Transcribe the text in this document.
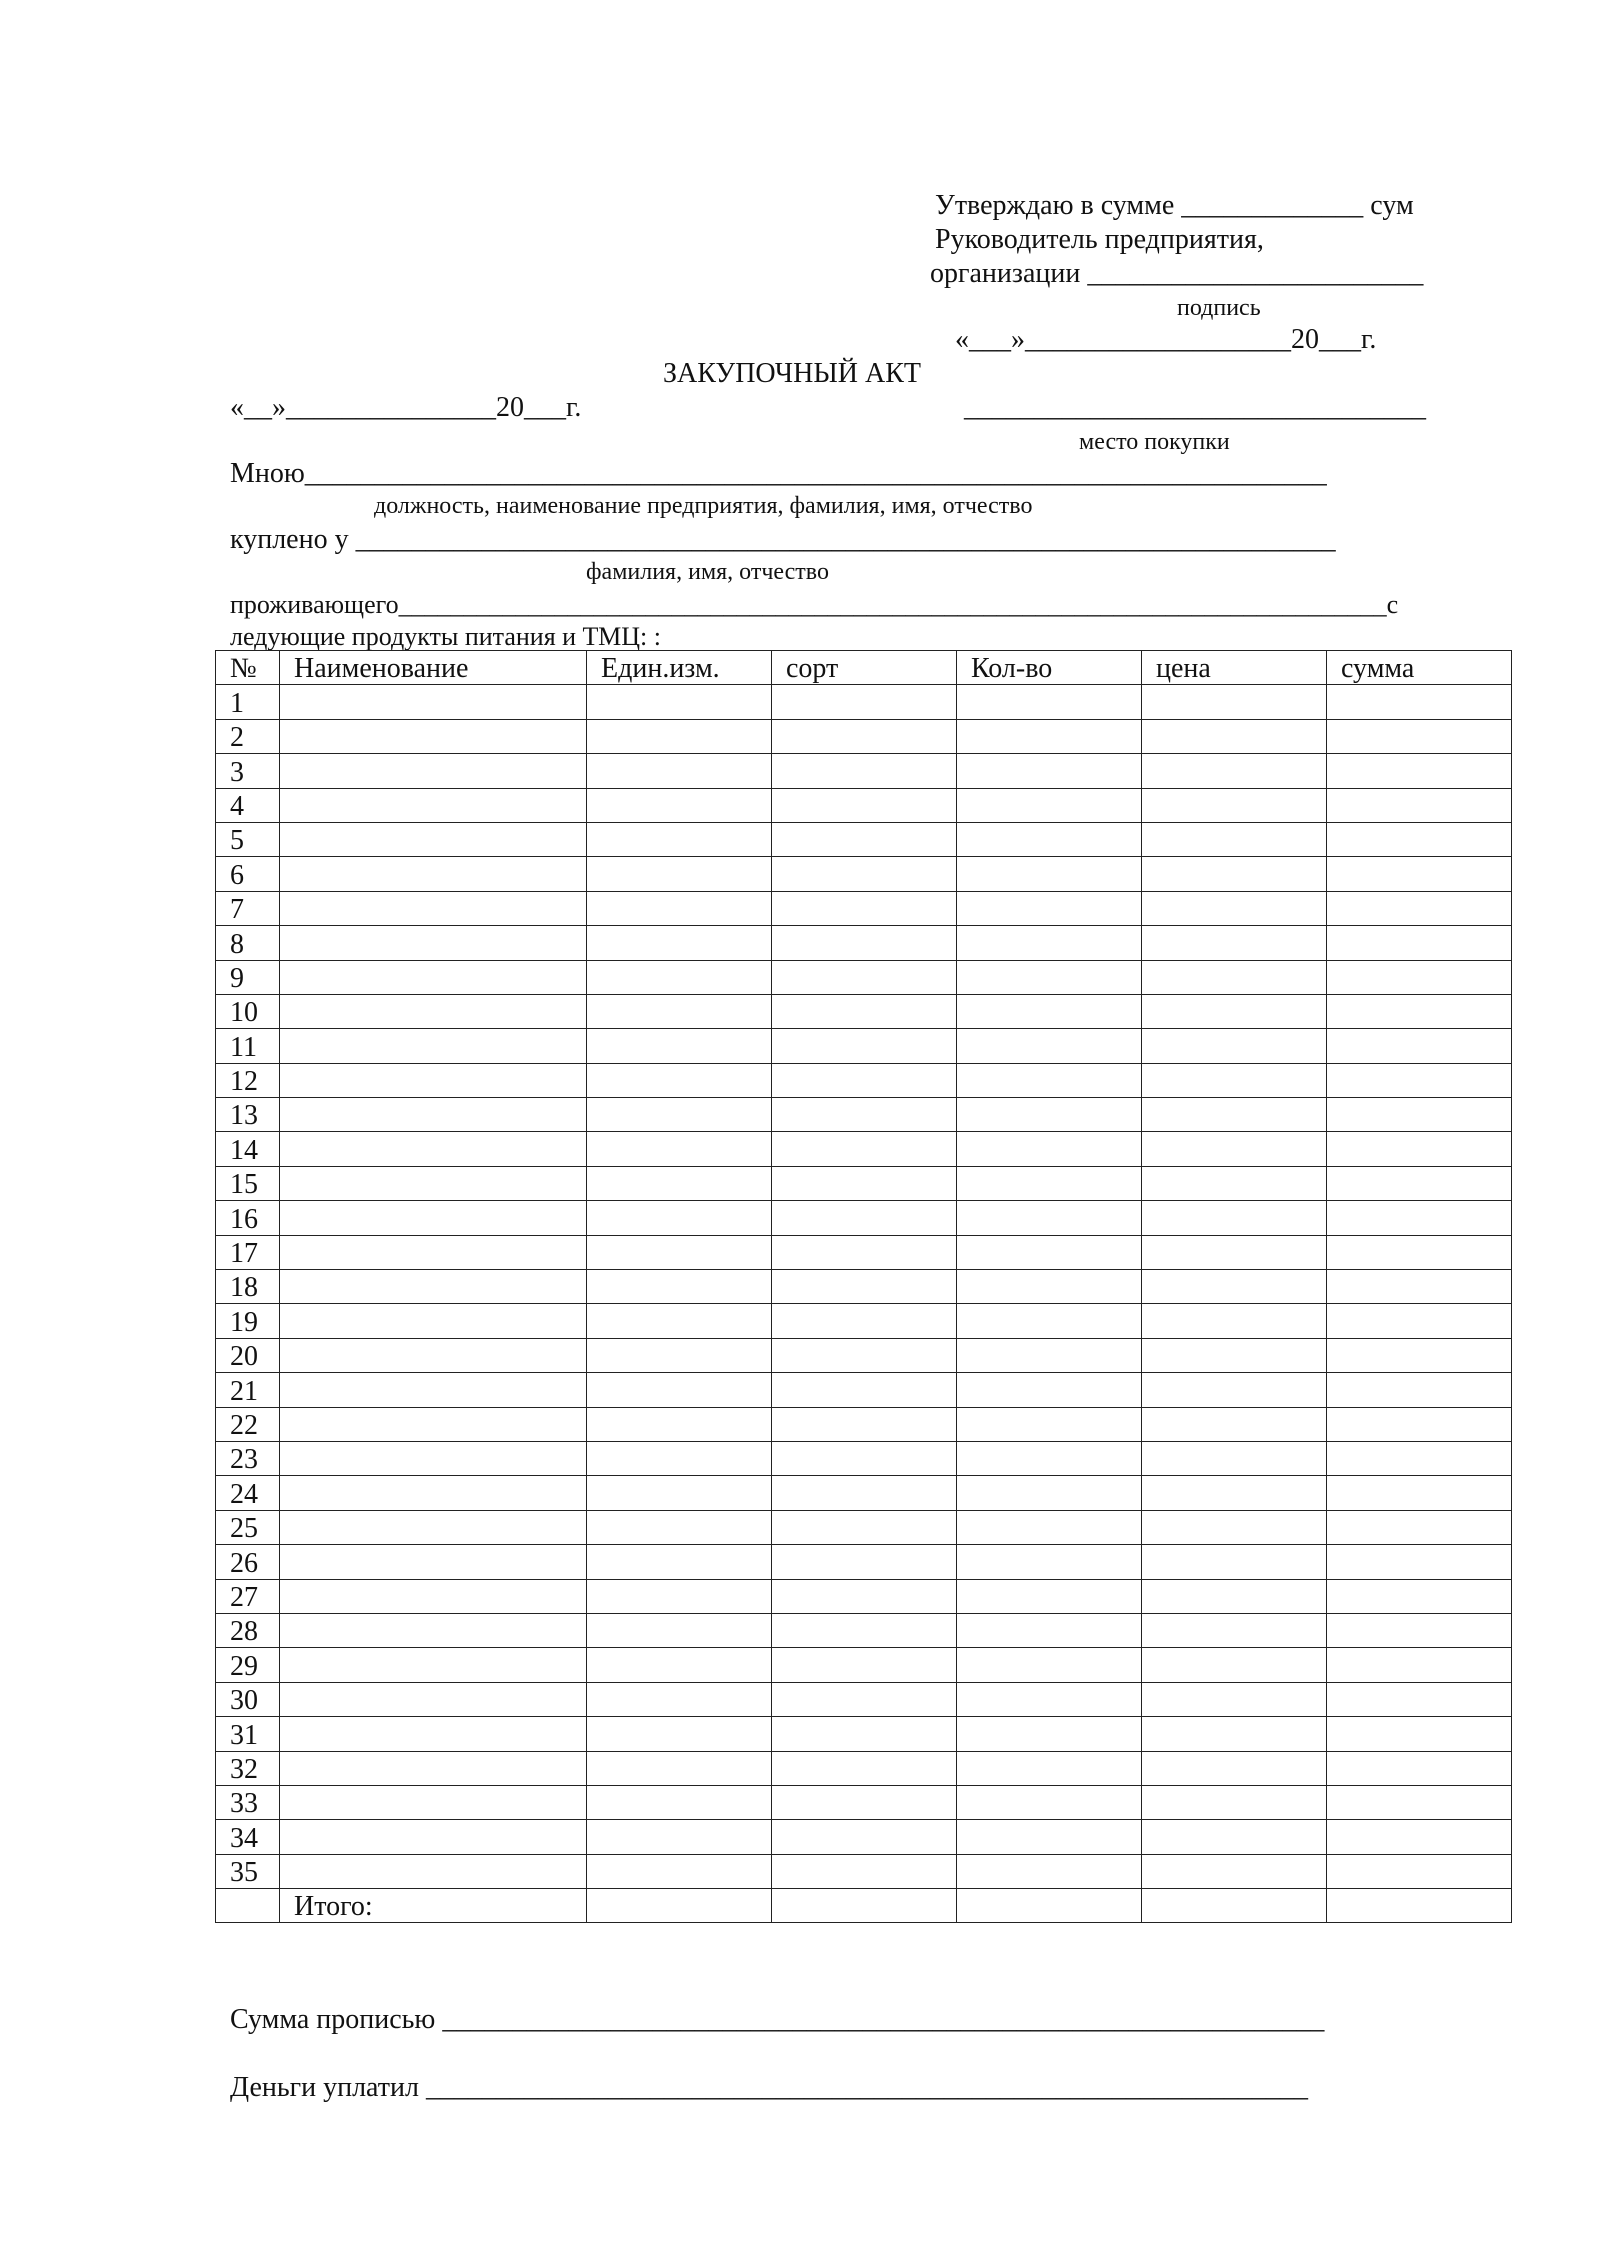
Утверждаю в сумме _____________ сум
Руководитель предприятия,
организации ________________________
подпись
«___»___________________20___г.
ЗАКУПОЧНЫЙ АКТ
«__»_______________20___г.	_________________________________
место покупки
Мною_________________________________________________________________________
должность, наименование предприятия, фамилия, имя, отчество
куплено у ______________________________________________________________________
фамилия, имя, отчество
проживающего____________________________________________________________________________с
ледующие продукты питания и ТМЦ: :
№	Наименование	Един.изм.	сорт	Кол-во	цена	сумма
1						
2						
3						
4						
5						
6						
7						
8						
9						
10						
11						
12						
13						
14						
15						
16						
17						
18						
19						
20						
21						
22						
23						
24						
25						
26						
27						
28						
29						
30						
31						
32						
33						
34						
35						
	Итого:					
Сумма прописью _______________________________________________________________
Деньги уплатил _______________________________________________________________
